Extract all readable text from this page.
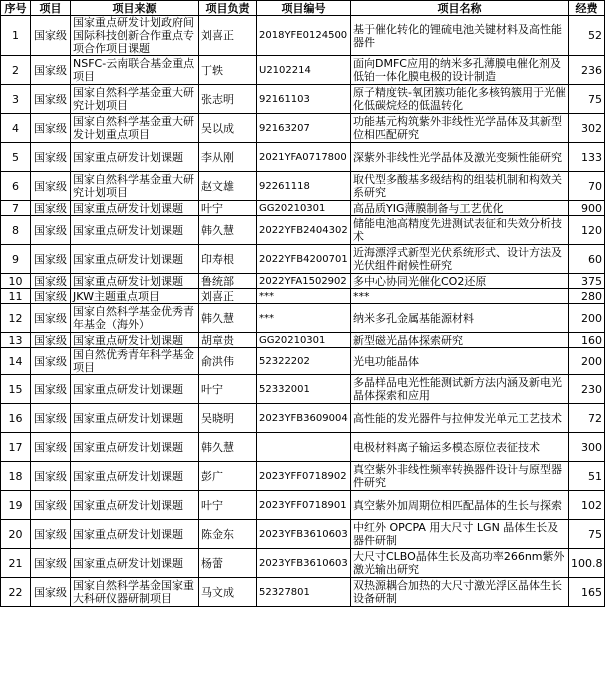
序号	项目	项目来源	项目负责	项目编号	项目名称	经费
1	国家级	国家重点研发计划政府间国际科技创新合作重点专项合作项目课题	刘喜正	2018YFE0124500	基于催化转化的锂硫电池关键材料及高性能器件	52
2	国家级	NSFC-云南联合基金重点项目	丁轶	U2102214	面向DMFC应用的纳米多孔薄膜电催化剂及低铂一体化膜电极的设计制造	236
3	国家级	国家自然科学基金重大研究计划项目	张志明	92161103	原子精度铁-氧团簇功能化多核钨簇用于光催化低碳烷烃的低温转化	75
4	国家级	国家自然科学基金重大研发计划重点项目	吴以成	92163207	功能基元构筑紫外非线性光学晶体及其新型位相匹配研究	302
5	国家级	国家重点研发计划课题	李从刚	2021YFA0717800	深紫外非线性光学晶体及激光变频性能研究	133
6	国家级	国家自然科学基金重大研究计划项目	赵文雄	92261118	取代型多酸基多级结构的组装机制和构效关系研究	70
7	国家级	国家重点研发计划课题	叶宁	GG20210301	高品质YIG薄膜制备与工艺优化	900
8	国家级	国家重点研发计划课题	韩久慧	2022YFB2404302	储能电池高精度先进测试表征和失效分析技术	120
9	国家级	国家重点研发计划课题	印寿根	2022YFB4200701	近海漂浮式新型光伏系统形式、设计方法及光伏组件耐候性研究	60
10	国家级	国家重点研发计划课题	鲁统部	2022YFA1502902	多中心协同光催化CO2还原	375
11	国家级	JKW主题重点项目	刘喜正	***	***	280
12	国家级	国家自然科学基金优秀青年基金（海外）	韩久慧	***	纳米多孔金属基能源材料	200
13	国家级	国家重点研发计划课题	胡章贵	GG20210301	新型磁光晶体探索研究	160
14	国家级	国自然优秀青年科学基金项目	俞洪伟	52322202	光电功能晶体	200
15	国家级	国家重点研发计划课题	叶宁	52332001	多晶样品电光性能测试新方法内涵及新电光晶体探索和应用	230
16	国家级	国家重点研发计划课题	吴晓明	2023YFB3609004	高性能的发光器件与拉伸发光单元工艺技术	72
17	国家级	国家重点研发计划课题	韩久慧		电极材料离子输运多模态原位表征技术	300
18	国家级	国家重点研发计划课题	彭广	2023YFF0718902	真空紫外非线性频率转换器件设计与原型器件研究	51
19	国家级	国家重点研发计划课题	叶宁	2023YFF0718901	真空紫外加周期位相匹配晶体的生长与探索	102
20	国家级	国家重点研发计划课题	陈金东	2023YFB3610603	中红外 OPCPA 用大尺寸 LGN 晶体生长及器件研制	75
21	国家级	国家重点研发计划课题	杨蕾	2023YFB3610603	大尺寸CLBO晶体生长及高功率266nm紫外激光输出研究	100.8
22	国家级	国家自然科学基金国家重大科研仪器研制项目	马文成	52327801	双热源耦合加热的大尺寸激光浮区晶体生长设备研制	165
